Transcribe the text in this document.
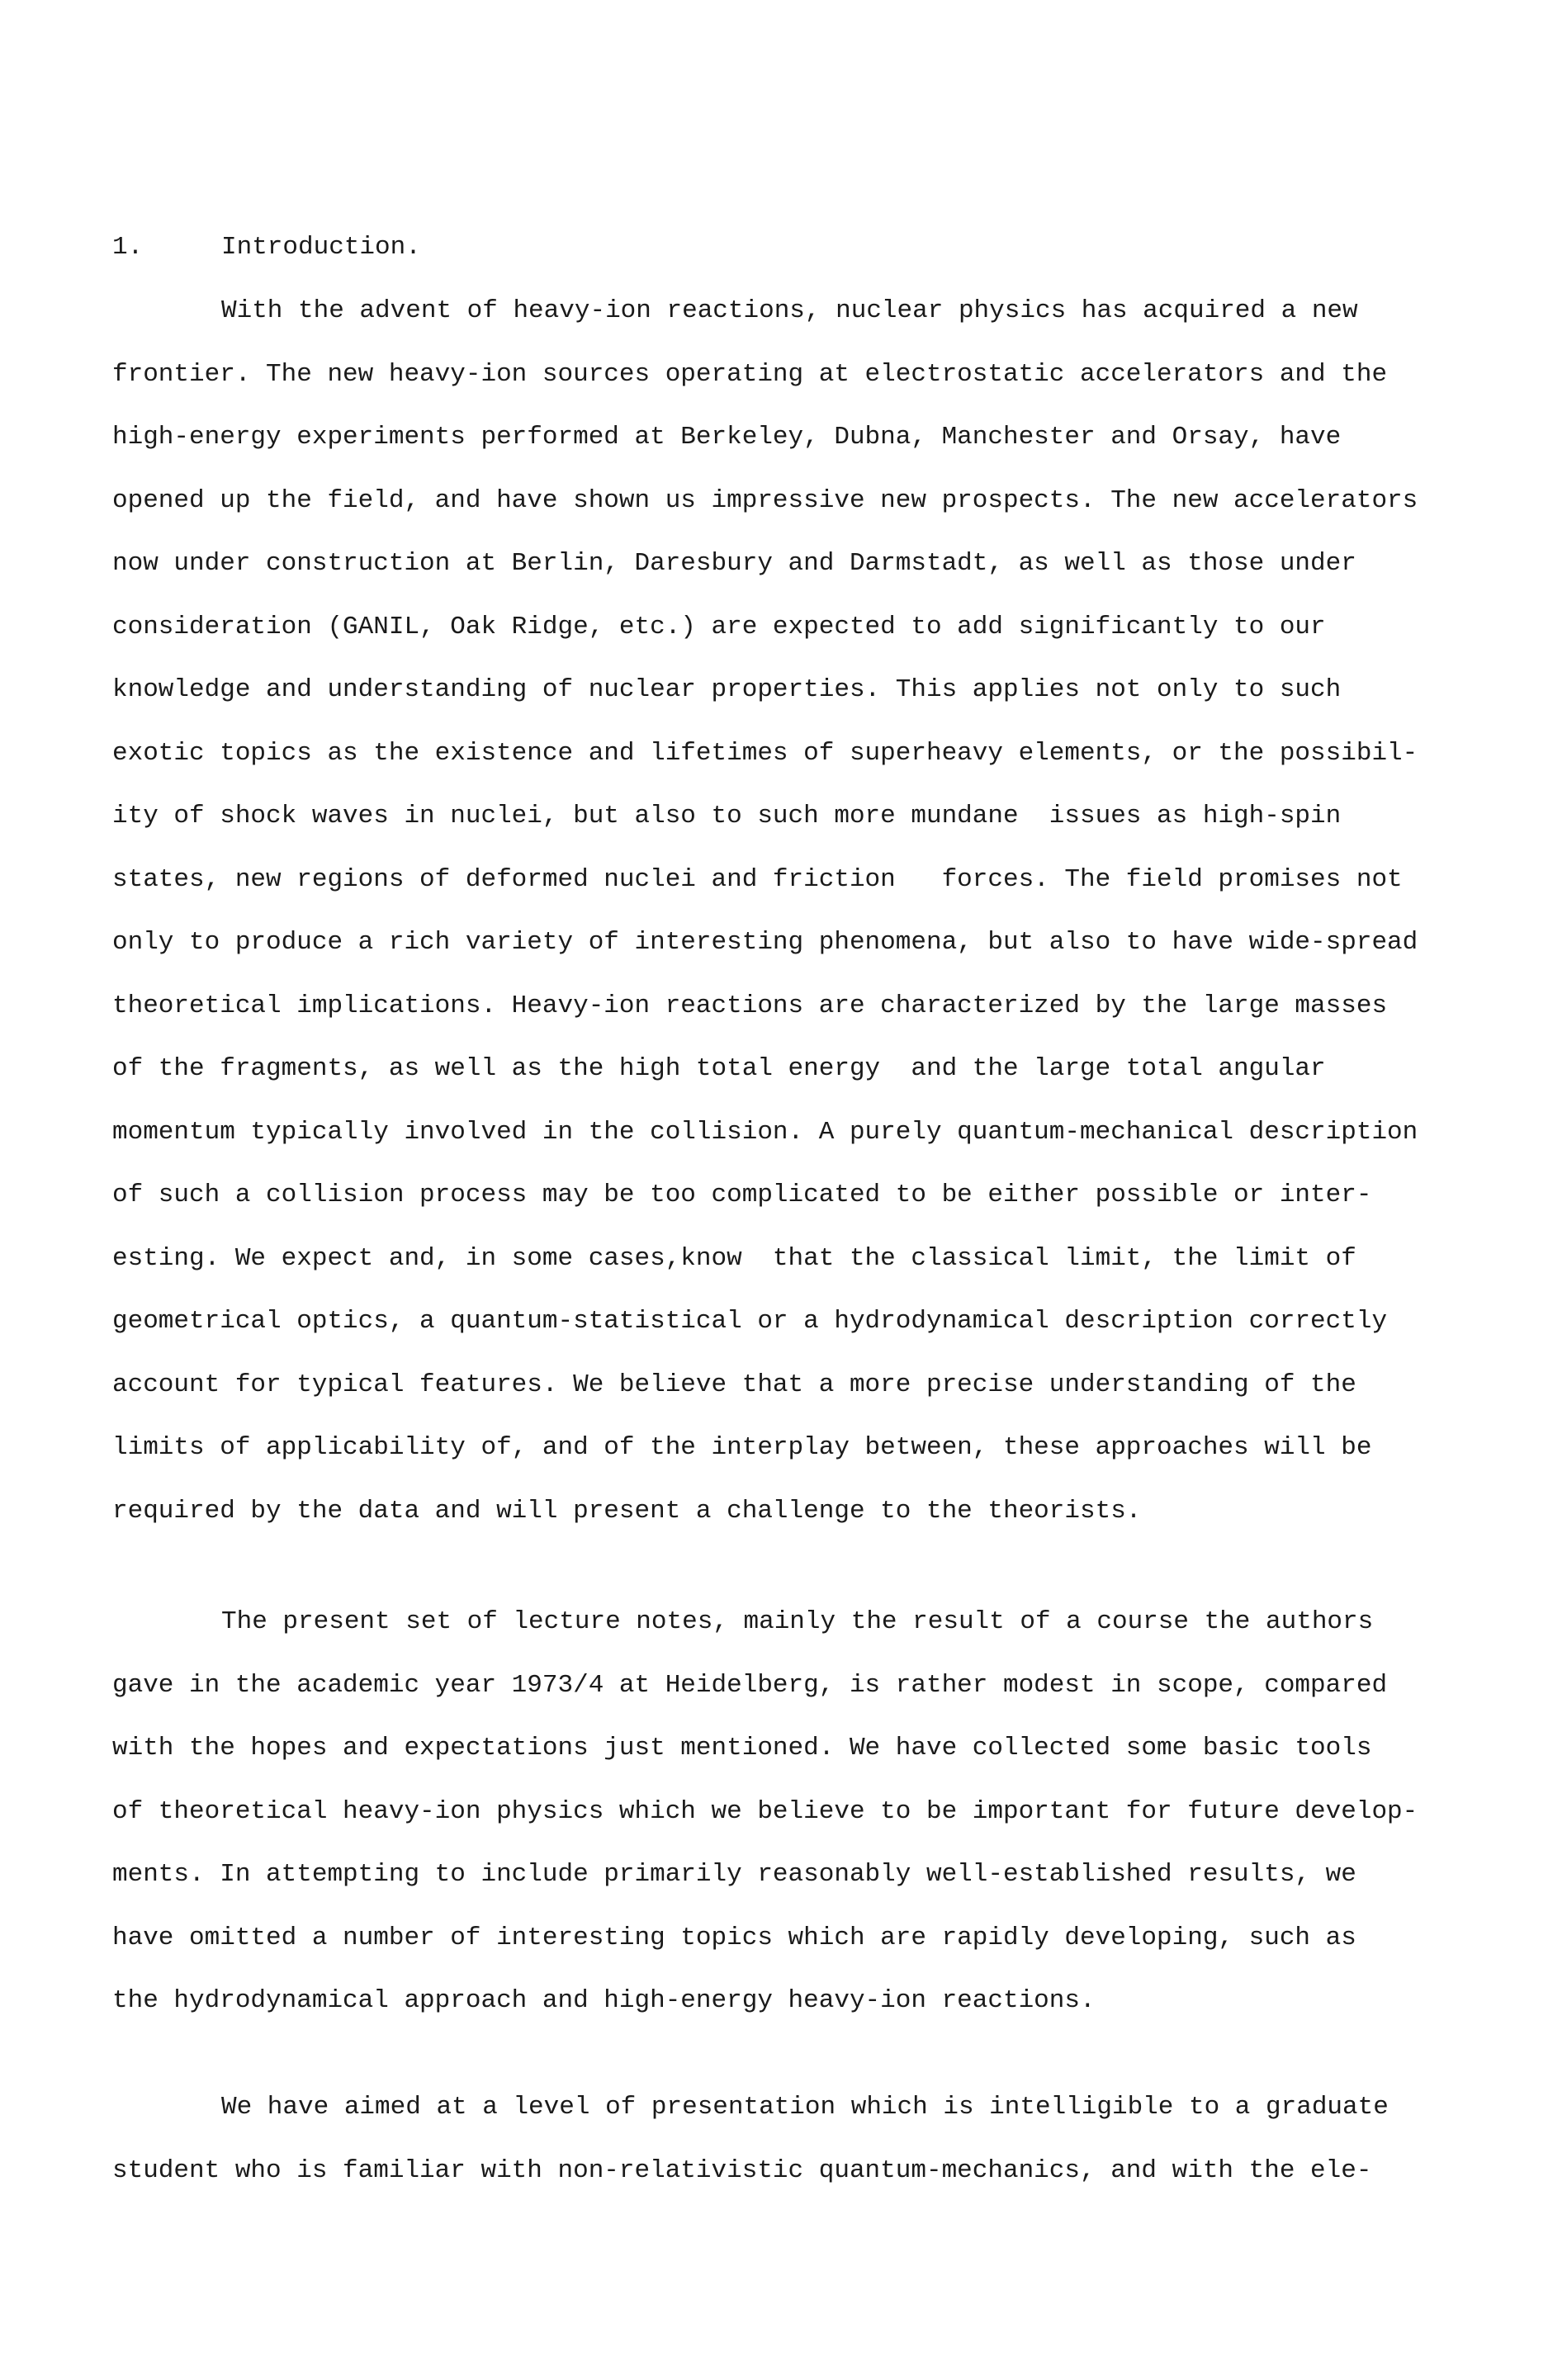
1.	Introduction.
With the advent of heavy-ion reactions, nuclear physics has acquired a new
frontier. The new heavy-ion sources operating at electrostatic accelerators and the
high-energy experiments performed at Berkeley, Dubna, Manchester and Orsay, have
opened up the field, and have shown us impressive new prospects. The new accelerators
now under construction at Berlin, Daresbury and Darmstadt, as well as those under
consideration (GANIL, Oak Ridge, etc.) are expected to add significantly to our
knowledge and understanding of nuclear properties. This applies not only to such
exotic topics as the existence and lifetimes of superheavy elements, or the possibil-
ity of shock waves in nuclei, but also to such more mundane  issues as high-spin
states, new regions of deformed nuclei and friction   forces. The field promises not
only to produce a rich variety of interesting phenomena, but also to have wide-spread
theoretical implications. Heavy-ion reactions are characterized by the large masses
of the fragments, as well as the high total energy  and the large total angular
momentum typically involved in the collision. A purely quantum-mechanical description
of such a collision process may be too complicated to be either possible or inter-
esting. We expect and, in some cases,know  that the classical limit, the limit of
geometrical optics, a quantum-statistical or a hydrodynamical description correctly
account for typical features. We believe that a more precise understanding of the
limits of applicability of, and of the interplay between, these approaches will be
required by the data and will present a challenge to the theorists.
The present set of lecture notes, mainly the result of a course the authors
gave in the academic year 1973/4 at Heidelberg, is rather modest in scope, compared
with the hopes and expectations just mentioned. We have collected some basic tools
of theoretical heavy-ion physics which we believe to be important for future develop-
ments. In attempting to include primarily reasonably well-established results, we
have omitted a number of interesting topics which are rapidly developing, such as
the hydrodynamical approach and high-energy heavy-ion reactions.
We have aimed at a level of presentation which is intelligible to a graduate
student who is familiar with non-relativistic quantum-mechanics, and with the ele-
